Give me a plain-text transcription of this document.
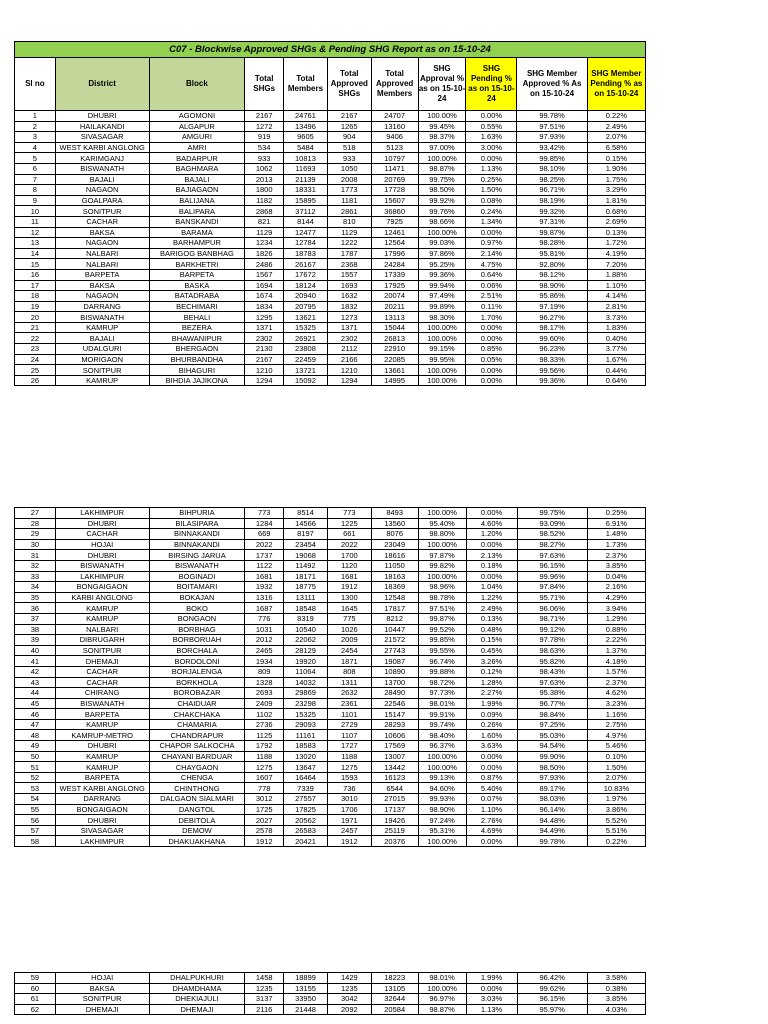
C07 - Blockwise Approved SHGs & Pending SHG Report as on 15-10-24										
Sl no	District	Block	Total SHGs	Total Members	Total Approved SHGs	Total Approved Members	SHG Approval % as on 15-10-24	SHG Pending % as on 15-10-24	SHG Member Approved % As on 15-10-24	SHG Member Pending % as on 15-10-24
1	DHUBRI	AGOMONI	2167	24761	2167	24707	100.00%	0.00%	99.78%	0.22%
2	HAILAKANDI	ALGAPUR	1272	13496	1265	13160	99.45%	0.55%	97.51%	2.49%
3	SIVASAGAR	AMGURI	919	9605	904	9406	98.37%	1.63%	97.93%	2.07%
4	WEST KARBI ANGLONG	AMRI	534	5484	518	5123	97.00%	3.00%	93.42%	6.58%
5	KARIMGANJ	BADARPUR	933	10813	933	10797	100.00%	0.00%	99.85%	0.15%
6	BISWANATH	BAGHMARA	1062	11693	1050	11471	98.87%	1.13%	98.10%	1.90%
7	BAJALI	BAJALI	2013	21139	2008	20769	99.75%	0.25%	98.25%	1.75%
8	NAGAON	BAJIAGAON	1800	18331	1773	17728	98.50%	1.50%	96.71%	3.29%
9	GOALPARA	BALIJANA	1182	15895	1181	15607	99.92%	0.08%	98.19%	1.81%
10	SONITPUR	BALIPARA	2868	37112	2861	36860	99.76%	0.24%	99.32%	0.68%
11	CACHAR	BANSKANDI	821	8144	810	7925	98.66%	1.34%	97.31%	2.69%
12	BAKSA	BARAMA	1129	12477	1129	12461	100.00%	0.00%	99.87%	0.13%
13	NAGAON	BARHAMPUR	1234	12784	1222	12564	99.03%	0.97%	98.28%	1.72%
14	NALBARI	BARIGOG BANBHAG	1826	18783	1787	17996	97.86%	2.14%	95.81%	4.19%
15	NALBARI	BARKHETRI	2486	26167	2368	24284	95.25%	4.75%	92.80%	7.20%
16	BARPETA	BARPETA	1567	17672	1557	17339	99.36%	0.64%	98.12%	1.88%
17	BAKSA	BASKA	1694	18124	1693	17925	99.94%	0.06%	98.90%	1.10%
18	NAGAON	BATADRABA	1674	20940	1632	20074	97.49%	2.51%	95.86%	4.14%
19	DARRANG	BECHIMARI	1834	20795	1832	20211	99.89%	0.11%	97.19%	2.81%
20	BISWANATH	BEHALI	1295	13621	1273	13113	98.30%	1.70%	96.27%	3.73%
21	KAMRUP	BEZERA	1371	15325	1371	15044	100.00%	0.00%	98.17%	1.83%
22	BAJALI	BHAWANIPUR	2302	26921	2302	26813	100.00%	0.00%	99.60%	0.40%
23	UDALGURI	BHERGAON	2130	23808	2112	22910	99.15%	0.85%	96.23%	3.77%
24	MORIGAON	BHURBANDHA	2167	22459	2166	22085	99.95%	0.05%	98.33%	1.67%
25	SONITPUR	BIHAGURI	1210	13721	1210	13661	100.00%	0.00%	99.56%	0.44%
26	KAMRUP	BIHDIA JAJIKONA	1294	15092	1294	14995	100.00%	0.00%	99.36%	0.64%
27	LAKHIMPUR	BIHPURIA	773	8514	773	8493	100.00%	0.00%	99.75%	0.25%
28	DHUBRI	BILASIPARA	1284	14566	1225	13560	95.40%	4.60%	93.09%	6.91%
29	CACHAR	BINNAKANDI	669	8197	661	8076	98.80%	1.20%	98.52%	1.48%
30	HOJAI	BINNAKANDI	2022	23454	2022	23049	100.00%	0.00%	98.27%	1.73%
31	DHUBRI	BIRSING JARUA	1737	19068	1700	18616	97.87%	2.13%	97.63%	2.37%
32	BISWANATH	BISWANATH	1122	11492	1120	11050	99.82%	0.18%	96.15%	3.85%
33	LAKHIMPUR	BOGINADI	1681	18171	1681	18163	100.00%	0.00%	99.96%	0.04%
34	BONGAIGAON	BOITAMARI	1932	18775	1912	18369	98.96%	1.04%	97.84%	2.16%
35	KARBI ANGLONG	BOKAJAN	1316	13111	1300	12548	98.78%	1.22%	95.71%	4.29%
36	KAMRUP	BOKO	1687	18548	1645	17817	97.51%	2.49%	96.06%	3.94%
37	KAMRUP	BONGAON	776	8319	775	8212	99.87%	0.13%	98.71%	1.29%
38	NALBARI	BORBHAG	1031	10540	1026	10447	99.52%	0.48%	99.12%	0.88%
39	DIBRUGARH	BORBORUAH	2012	22062	2009	21572	99.85%	0.15%	97.78%	2.22%
40	SONITPUR	BORCHALA	2465	28129	2454	27743	99.55%	0.45%	98.63%	1.37%
41	DHEMAJI	BORDOLONI	1934	19920	1871	19087	96.74%	3.26%	95.82%	4.18%
42	CACHAR	BORJALENGA	809	11064	808	10890	99.88%	0.12%	98.43%	1.57%
43	CACHAR	BORKHOLA	1328	14032	1311	13700	98.72%	1.28%	97.63%	2.37%
44	CHIRANG	BOROBAZAR	2693	29869	2632	28490	97.73%	2.27%	95.38%	4.62%
45	BISWANATH	CHAIDUAR	2409	23298	2361	22546	98.01%	1.99%	96.77%	3.23%
46	BARPETA	CHAKCHAKA	1102	15325	1101	15147	99.91%	0.09%	98.84%	1.16%
47	KAMRUP	CHAMARIA	2736	29093	2729	28293	99.74%	0.26%	97.25%	2.75%
48	KAMRUP-METRO	CHANDRAPUR	1125	11161	1107	10606	98.40%	1.60%	95.03%	4.97%
49	DHUBRI	CHAPOR SALKOCHA	1792	18583	1727	17569	96.37%	3.63%	94.54%	5.46%
50	KAMRUP	CHAYANI BARDUAR	1188	13020	1188	13007	100.00%	0.00%	99.90%	0.10%
51	KAMRUP	CHAYGAON	1275	13647	1275	13442	100.00%	0.00%	98.50%	1.50%
52	BARPETA	CHENGA	1607	16464	1593	16123	99.13%	0.87%	97.93%	2.07%
53	WEST KARBI ANGLONG	CHINTHONG	778	7339	736	6544	94.60%	5.40%	89.17%	10.83%
54	DARRANG	DALGAON SIALMARI	3012	27557	3010	27015	99.93%	0.07%	98.03%	1.97%
55	BONGAIGAON	DANGTOL	1725	17825	1706	17137	98.90%	1.10%	96.14%	3.86%
56	DHUBRI	DEBITOLA	2027	20562	1971	19426	97.24%	2.76%	94.48%	5.52%
57	SIVASAGAR	DEMOW	2578	26583	2457	25119	95.31%	4.69%	94.49%	5.51%
58	LAKHIMPUR	DHAKUAKHANA	1912	20421	1912	20376	100.00%	0.00%	99.78%	0.22%
59	HOJAI	DHALPUKHURI	1458	18899	1429	18223	98.01%	1.99%	96.42%	3.58%
60	BAKSA	DHAMDHAMA	1235	13155	1235	13105	100.00%	0.00%	99.62%	0.38%
61	SONITPUR	DHEKIAJULI	3137	33950	3042	32644	96.97%	3.03%	96.15%	3.85%
62	DHEMAJI	DHEMAJI	2116	21448	2092	20584	98.87%	1.13%	95.97%	4.03%
